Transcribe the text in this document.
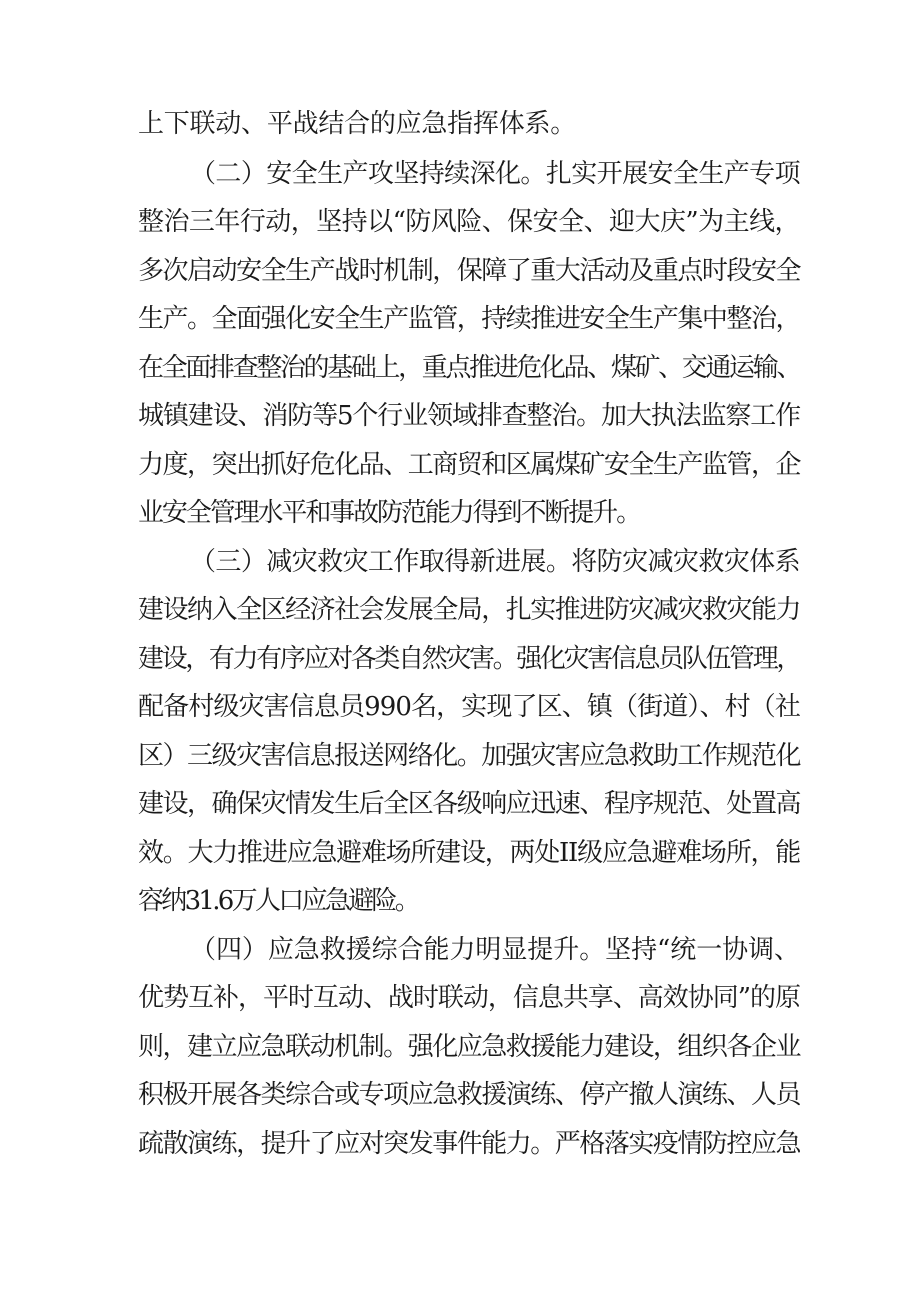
上下联动、平战结合的应急指挥体系。

（二）安全生产攻坚持续深化。扎实开展安全生产专项

整治三年行动，坚持以“防风险、保安全、迎大庆”为主线，

多次启动安全生产战时机制，保障了重大活动及重点时段安全

生产。全面强化安全生产监管，持续推进安全生产集中整治，

在全面排查整治的基础上，重点推进危化品、煤矿、交通运输、

城镇建设、消防等5个行业领域排查整治。加大执法监察工作

力度，突出抓好危化品、工商贸和区属煤矿安全生产监管，企

业安全管理水平和事故防范能力得到不断提升。

（三）减灾救灾工作取得新进展。将防灾减灾救灾体系

建设纳入全区经济社会发展全局，扎实推进防灾减灾救灾能力

建设，有力有序应对各类自然灾害。强化灾害信息员队伍管理，

配备村级灾害信息员990名，实现了区、镇（街道）、村（社

区）三级灾害信息报送网络化。加强灾害应急救助工作规范化

建设，确保灾情发生后全区各级响应迅速、程序规范、处置高

效。大力推进应急避难场所建设，两处II级应急避难场所，能

容纳31.6万人口应急避险。

（四）应急救援综合能力明显提升。坚持“统一协调、

优势互补，平时互动、战时联动，信息共享、高效协同”的原

则，建立应急联动机制。强化应急救援能力建设，组织各企业

积极开展各类综合或专项应急救援演练、停产撤人演练、人员

疏散演练，提升了应对突发事件能力。严格落实疫情防控应急
